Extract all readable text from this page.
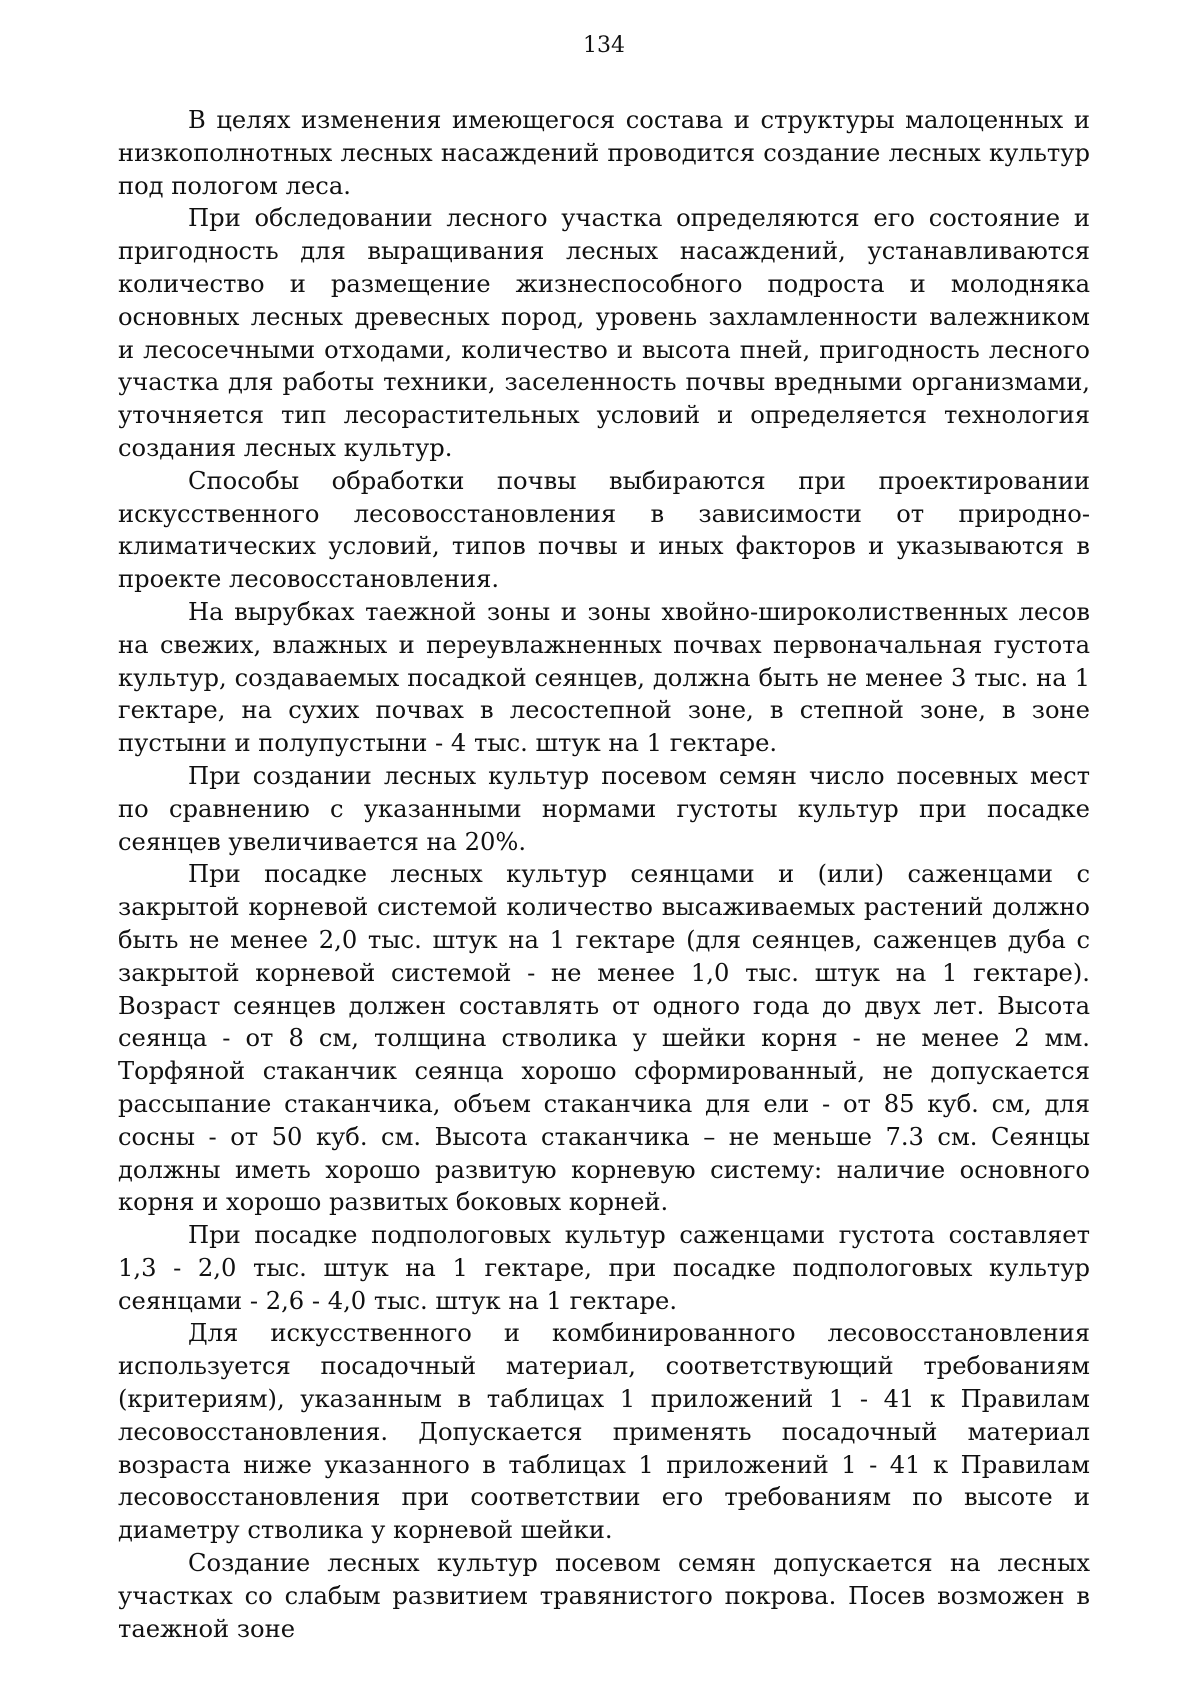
134

В целях изменения имеющегося состава и структуры малоценных и низкополнотных лесных насаждений проводится создание лесных культур под пологом леса.

При обследовании лесного участка определяются его состояние и пригодность для выращивания лесных насаждений, устанавливаются количество и размещение жизнеспособного подроста и молодняка основных лесных древесных пород, уровень захламленности валежником и лесосечными отходами, количество и высота пней, пригодность лесного участка для работы техники, заселенность почвы вредными организмами, уточняется тип лесорастительных условий и определяется технология создания лесных культур.

Способы обработки почвы выбираются при проектировании искусственного лесовосстановления в зависимости от природно-климатических условий, типов почвы и иных факторов и указываются в проекте лесовосстановления.

На вырубках таежной зоны и зоны хвойно-широколиственных лесов на свежих, влажных и переувлажненных почвах первоначальная густота культур, создаваемых посадкой сеянцев, должна быть не менее 3 тыс. на 1 гектаре, на сухих почвах в лесостепной зоне, в степной зоне, в зоне пустыни и полупустыни - 4 тыс. штук на 1 гектаре.

При создании лесных культур посевом семян число посевных мест по сравнению с указанными нормами густоты культур при посадке сеянцев увеличивается на 20%.

При посадке лесных культур сеянцами и (или) саженцами с закрытой корневой системой количество высаживаемых растений должно быть не менее 2,0 тыс. штук на 1 гектаре (для сеянцев, саженцев дуба с закрытой корневой системой - не менее 1,0 тыс. штук на 1 гектаре). Возраст сеянцев должен составлять от одного года до двух лет. Высота сеянца - от 8 см, толщина стволика у шейки корня - не менее 2 мм. Торфяной стаканчик сеянца хорошо сформированный, не допускается рассыпание стаканчика, объем стаканчика для ели - от 85 куб. см, для сосны - от 50 куб. см. Высота стаканчика – не меньше 7.3 см. Сеянцы должны иметь хорошо развитую корневую систему: наличие основного корня и хорошо развитых боковых корней.

При посадке подпологовых культур саженцами густота составляет 1,3 - 2,0 тыс. штук на 1 гектаре, при посадке подпологовых культур сеянцами - 2,6 - 4,0 тыс. штук на 1 гектаре.

Для искусственного и комбинированного лесовосстановления используется посадочный материал, соответствующий требованиям (критериям), указанным в таблицах 1 приложений 1 - 41 к Правилам лесовосстановления. Допускается применять посадочный материал возраста ниже указанного в таблицах 1 приложений 1 - 41 к Правилам лесовосстановления при соответствии его требованиям по высоте и диаметру стволика у корневой шейки.

Создание лесных культур посевом семян допускается на лесных участках со слабым развитием травянистого покрова. Посев возможен в таежной зоне
